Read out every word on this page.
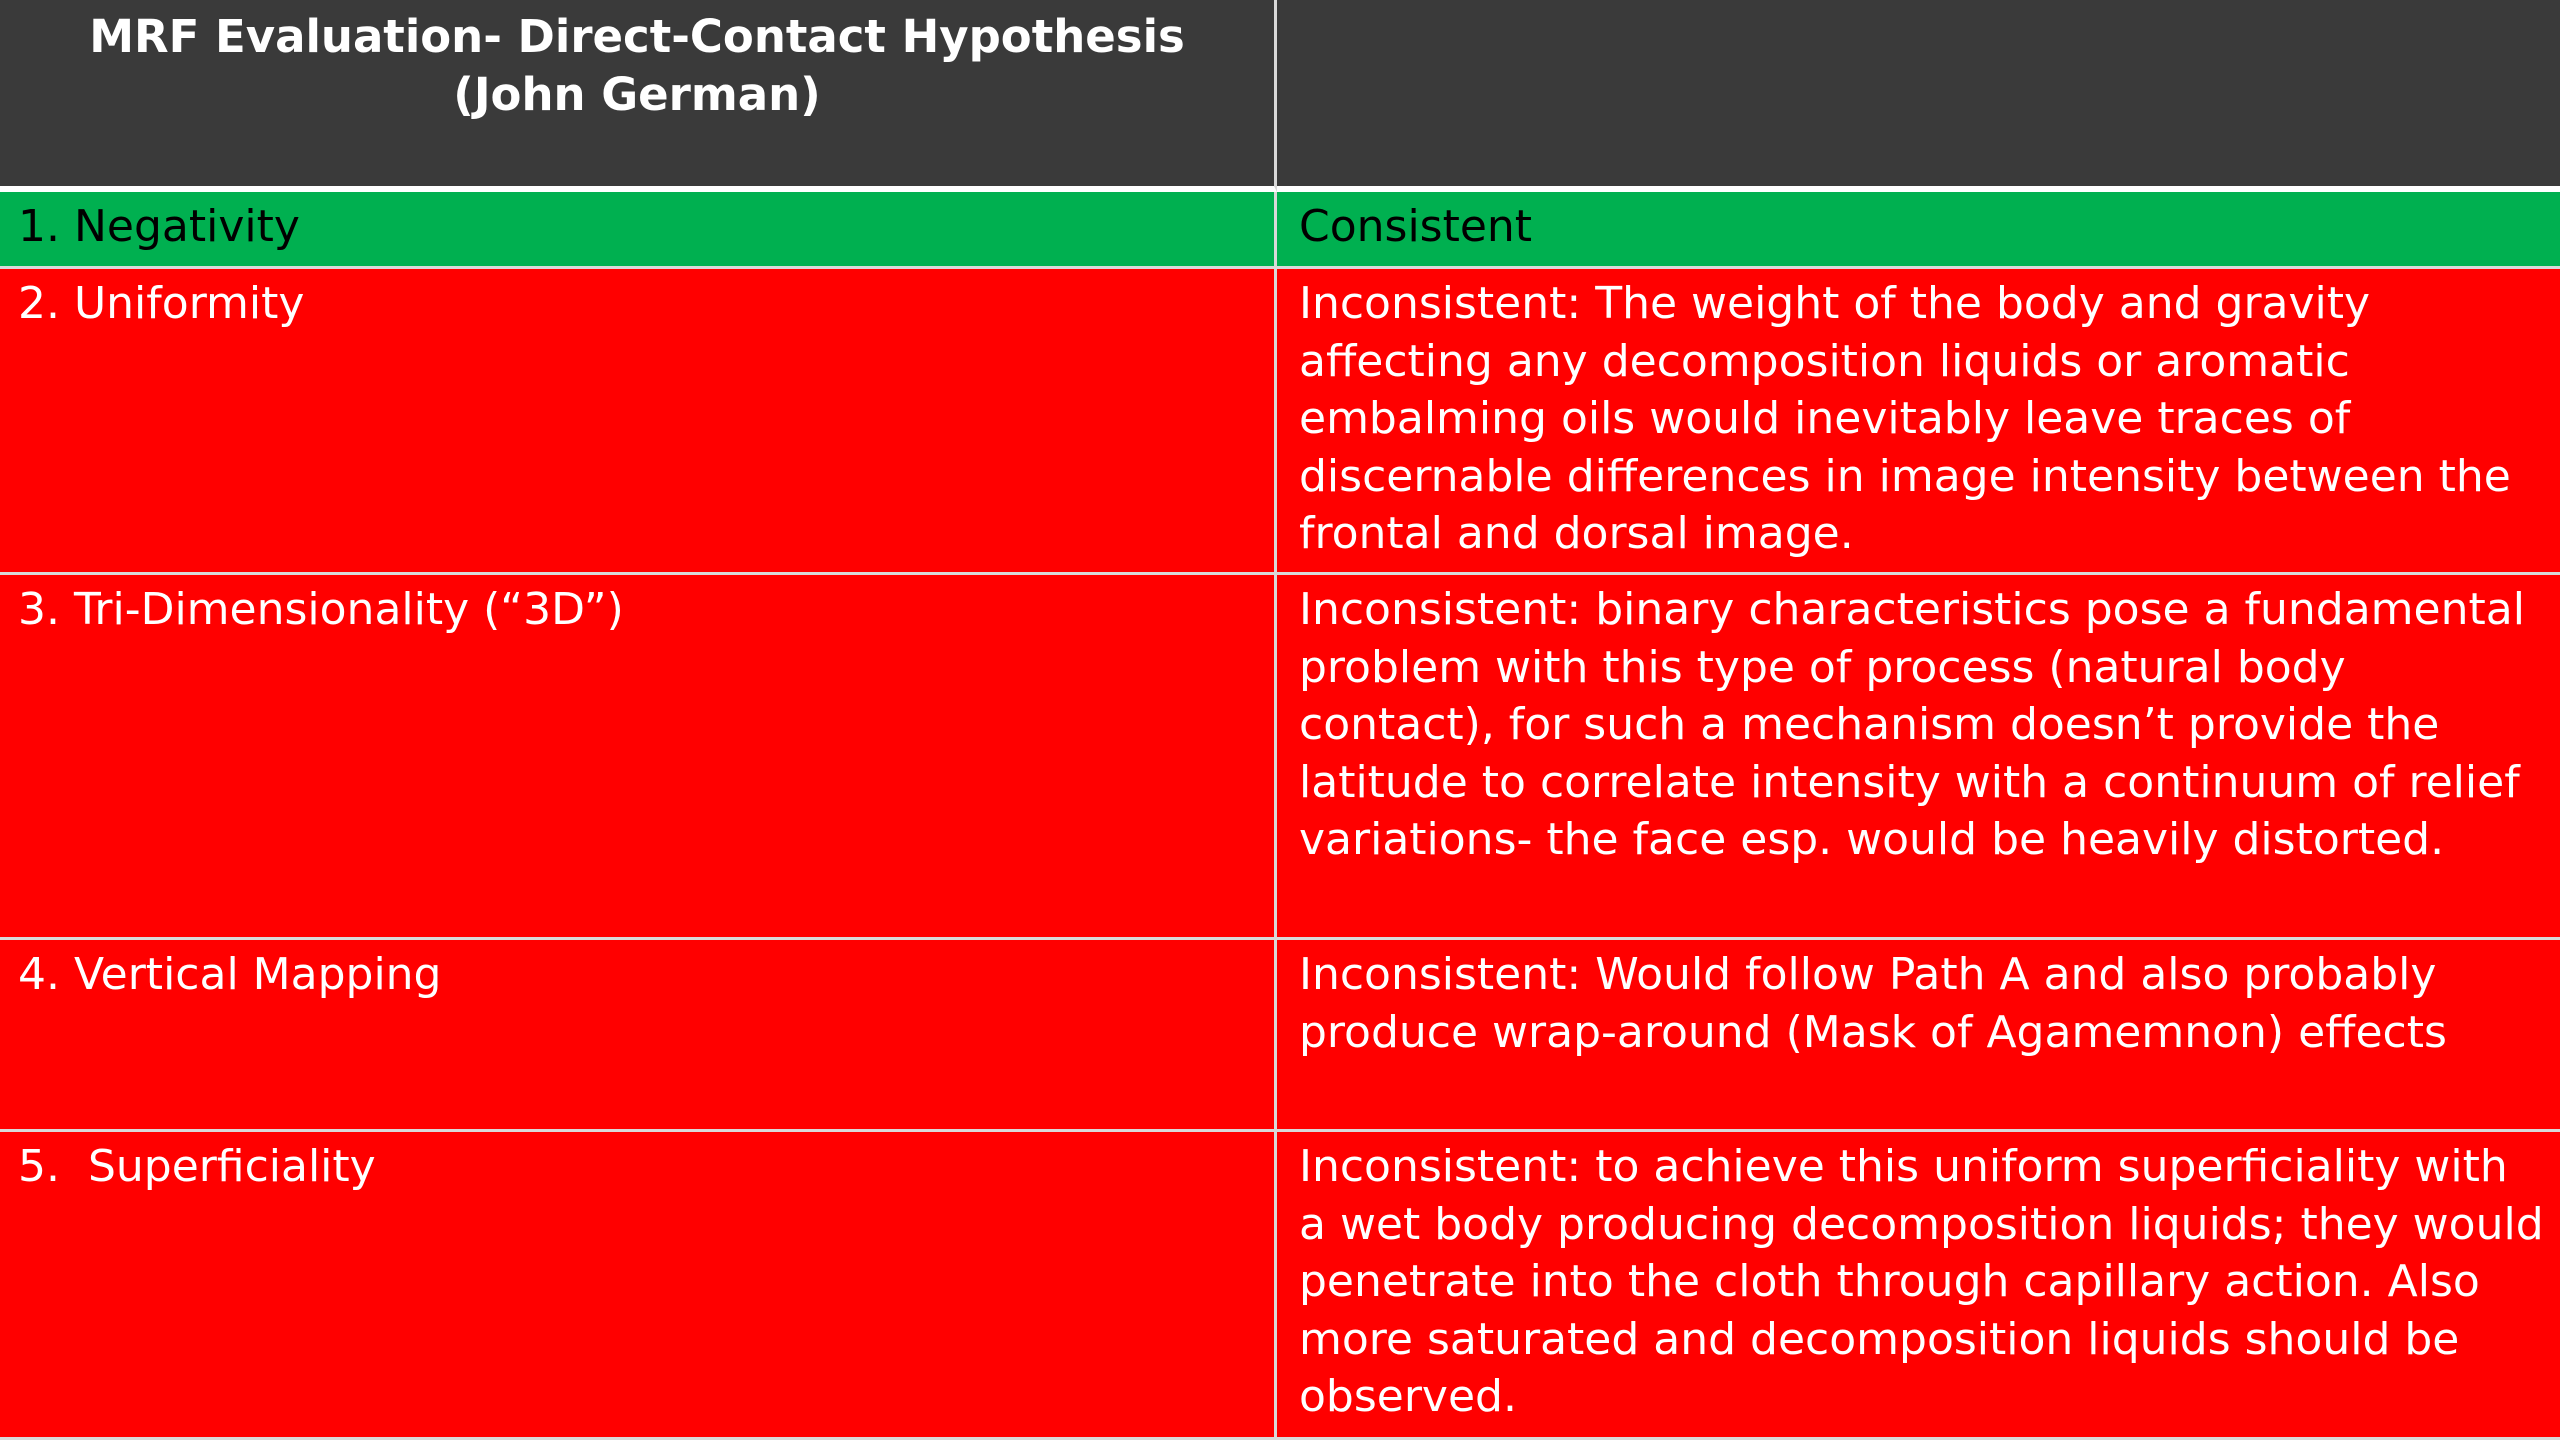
MRF Evaluation- Direct-Contact Hypothesis (John German)
1. Negativity	Consistent
2. Uniformity	Inconsistent: The weight of the body and gravity affecting any decomposition liquids or aromatic embalming oils would inevitably leave traces of discernable differences in image intensity between the frontal and dorsal image.
3. Tri-Dimensionality (“3D”)	Inconsistent: binary characteristics pose a fundamental problem with this type of process (natural body contact), for such a mechanism doesn’t provide the latitude to correlate intensity with a continuum of relief variations- the face esp. would be heavily distorted.
4. Vertical Mapping	Inconsistent: Would follow Path A and also probably produce wrap-around (Mask of Agamemnon) effects
5.  Superficiality	Inconsistent: to achieve this uniform superficiality with a wet body producing decomposition liquids; they would penetrate into the cloth through capillary action. Also more saturated and decomposition liquids should be observed.
